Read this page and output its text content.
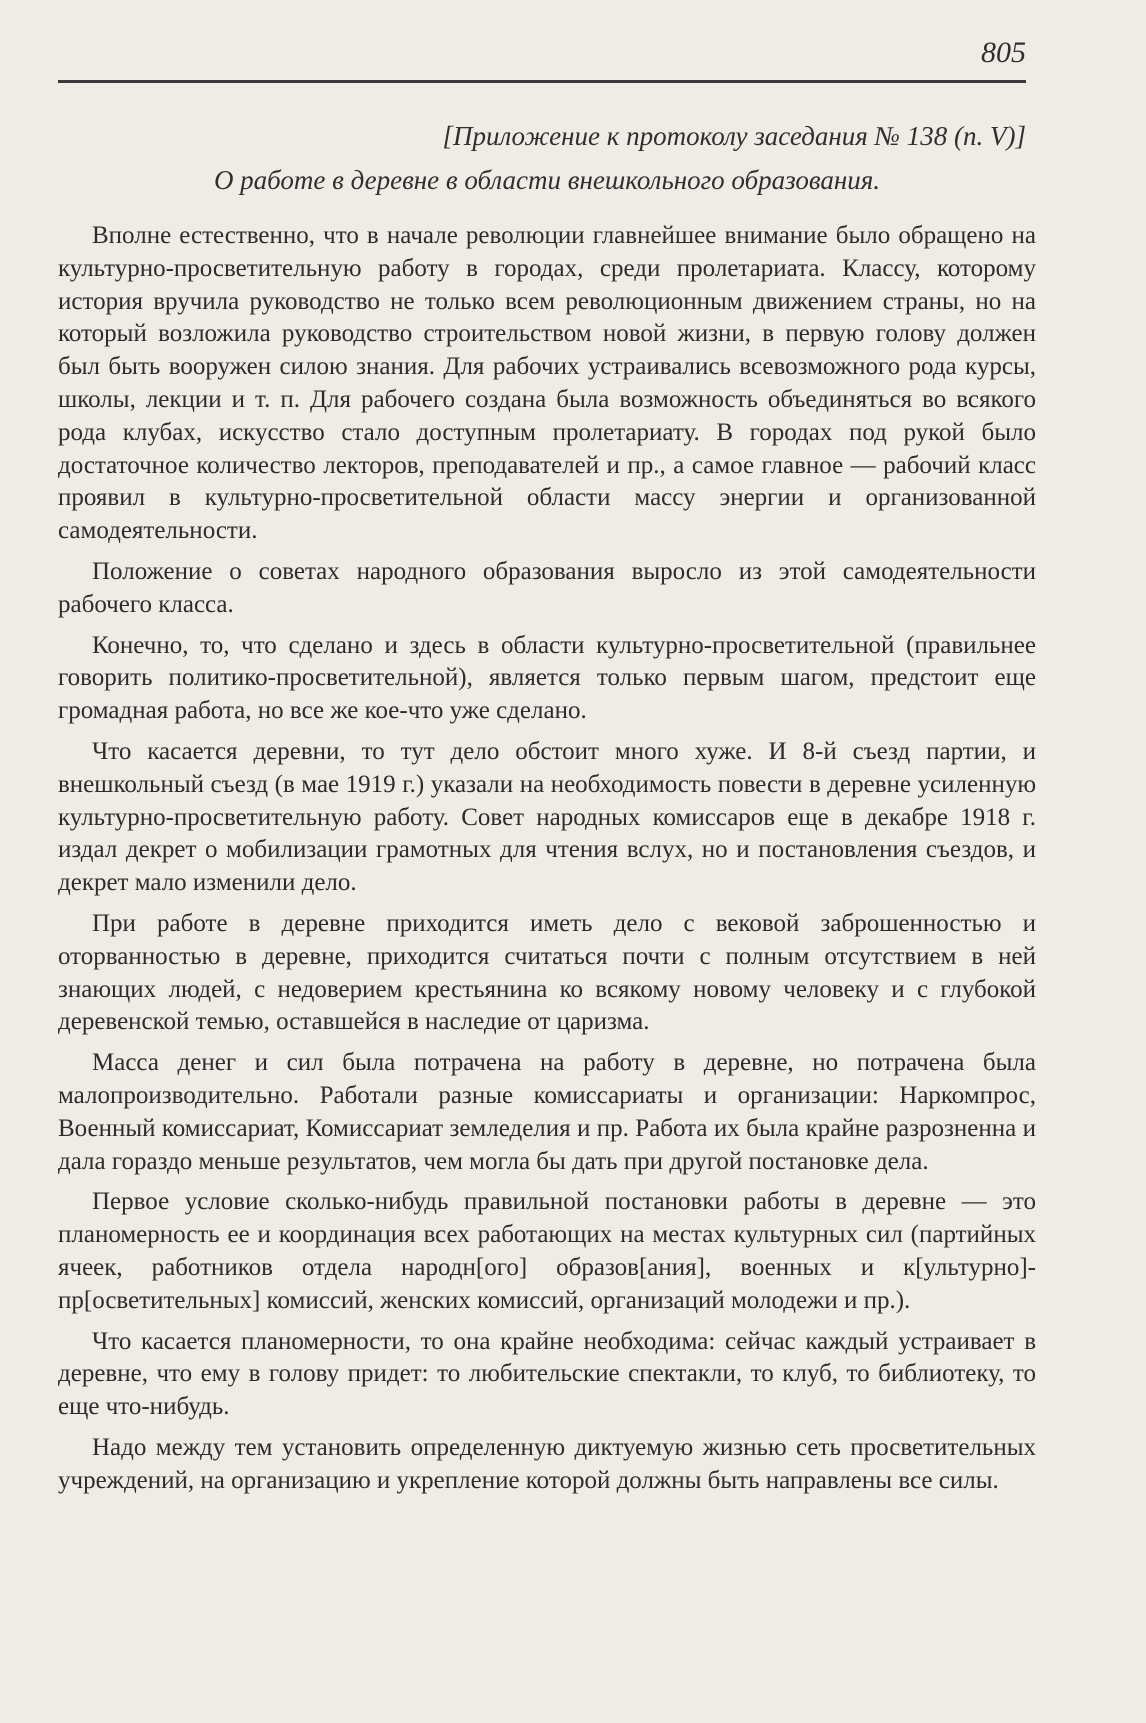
805
[Приложение к протоколу заседания № 138 (п. V)]
О работе в деревне в области внешкольного образования.

Вполне естественно, что в начале революции главнейшее внимание было обращено на культурно-просветительную работу в городах, среди пролетариата. Классу, которому история вручила руководство не только всем революционным движением страны, но на который возложила руководство строительством новой жизни, в первую голову должен был быть вооружен силою знания. Для рабочих устраивались всевозможного рода курсы, школы, лекции и т. п. Для рабочего создана была возможность объединяться во всякого рода клубах, искусство стало доступным пролетариату. В городах под рукой было достаточное количество лекторов, преподавателей и пр., а самое главное — рабочий класс проявил в культурно-просветительной области массу энергии и организованной самодеятельности.

Положение о советах народного образования выросло из этой самодеятельности рабочего класса.

Конечно, то, что сделано и здесь в области культурно-просветительной (правильнее говорить политико-просветительной), является только первым шагом, предстоит еще громадная работа, но все же кое-что уже сделано.

Что касается деревни, то тут дело обстоит много хуже. И 8-й съезд партии, и внешкольный съезд (в мае 1919 г.) указали на необходимость повести в деревне усиленную культурно-просветительную работу. Совет народных комиссаров еще в декабре 1918 г. издал декрет о мобилизации грамотных для чтения вслух, но и постановления съездов, и декрет мало изменили дело.

При работе в деревне приходится иметь дело с вековой заброшенностью и оторванностью в деревне, приходится считаться почти с полным отсутствием в ней знающих людей, с недоверием крестьянина ко всякому новому человеку и с глубокой деревенской темью, оставшейся в наследие от царизма.

Масса денег и сил была потрачена на работу в деревне, но потрачена была малопроизводительно. Работали разные комиссариаты и организации: Наркомпрос, Военный комиссариат, Комиссариат земледелия и пр. Работа их была крайне разрозненна и дала гораздо меньше результатов, чем могла бы дать при другой постановке дела.

Первое условие сколько-нибудь правильной постановки работы в деревне — это планомерность ее и координация всех работающих на местах культурных сил (партийных ячеек, работников отдела народн[ого] образов[ания], военных и к[ультурно]-пр[осветительных] комиссий, женских комиссий, организаций молодежи и пр.).

Что касается планомерности, то она крайне необходима: сейчас каждый устраивает в деревне, что ему в голову придет: то любительские спектакли, то клуб, то библиотеку, то еще что-нибудь.

Надо между тем установить определенную диктуемую жизнью сеть просветительных учреждений, на организацию и укрепление которой должны быть направлены все силы.
